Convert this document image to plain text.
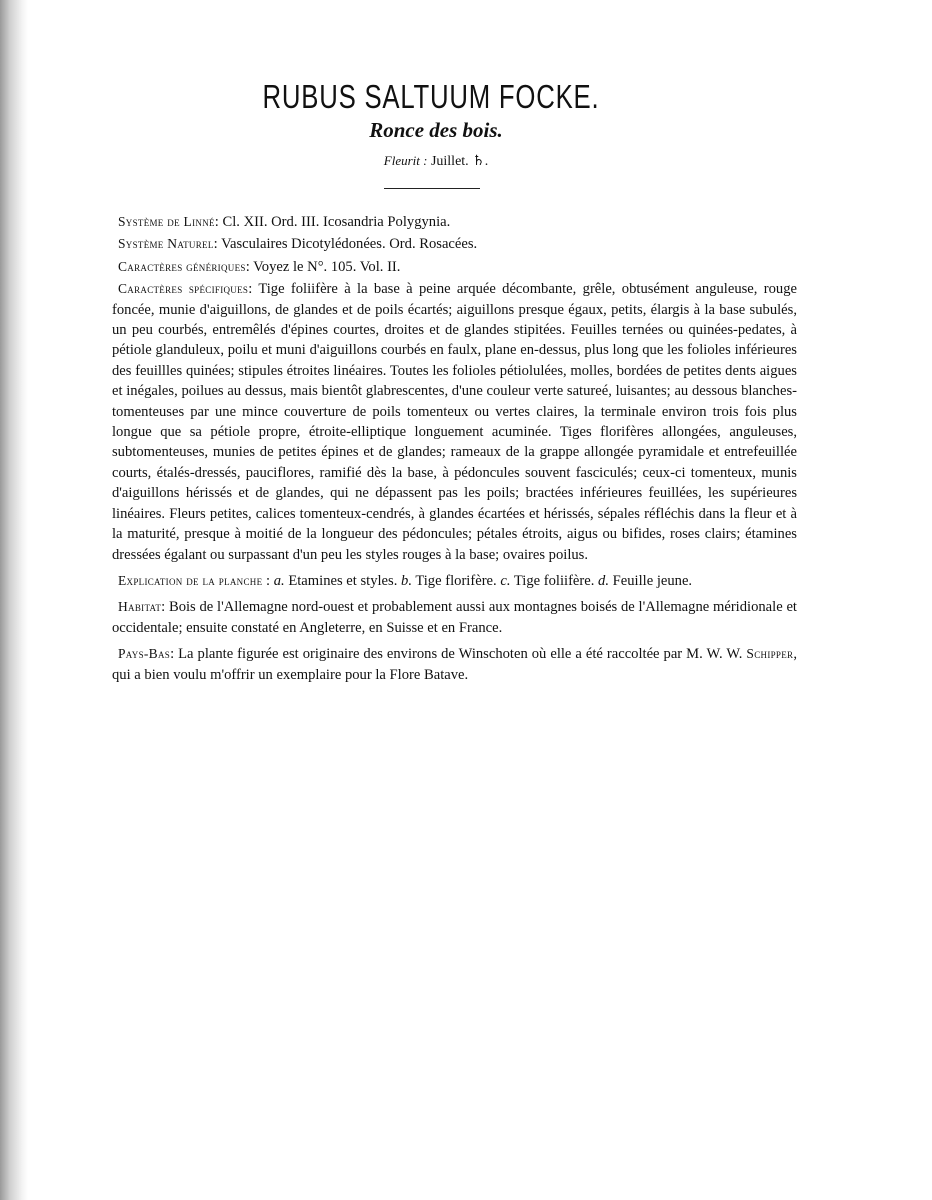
RUBUS SALTUUM FOCKE.
Ronce des bois.
Fleurit : Juillet. ♄.

Système de Linné: Cl. XII. Ord. III. Icosandria Polygynia.

Système Naturel: Vasculaires Dicotylédonées. Ord. Rosacées.

Caractères génériques: Voyez le N°. 105. Vol. II.

Caractères spécifiques: Tige foliifère à la base à peine arquée décombante, grêle, obtusément anguleuse, rouge foncée, munie d'aiguillons, de glandes et de poils écartés; aiguillons presque égaux, petits, élargis à la base subulés, un peu courbés, entremêlés d'épines courtes, droites et de glandes stipitées. Feuilles ternées ou quinées-pedates, à pétiole glanduleux, poilu et muni d'aiguillons courbés en faulx, plane en-dessus, plus long que les folioles inférieures des feuillles quinées; stipules étroites linéaires. Toutes les folioles pétiolulées, molles, bordées de petites dents aigues et inégales, poilues au dessus, mais bientôt glabrescentes, d'une couleur verte satureé, luisantes; au dessous blanches-tomenteuses par une mince couverture de poils tomenteux ou vertes claires, la terminale environ trois fois plus longue que sa pétiole propre, étroite-elliptique longuement acuminée. Tiges florifères allongées, anguleuses, subtomenteuses, munies de petites épines et de glandes; rameaux de la grappe allongée pyramidale et entrefeuillée courts, étalés-dressés, pauciflores, ramifié dès la base, à pédoncules souvent fasciculés; ceux-ci tomenteux, munis d'aiguillons hérissés et de glandes, qui ne dépassent pas les poils; bractées inférieures feuillées, les supérieures linéaires. Fleurs petites, calices tomenteux-cendrés, à glandes écartées et hérissés, sépales réfléchis dans la fleur et à la maturité, presque à moitié de la longueur des pédoncules; pétales étroits, aigus ou bifides, roses clairs; étamines dressées égalant ou surpassant d'un peu les styles rouges à la base; ovaires poilus.

Explication de la planche : a. Etamines et styles. b. Tige florifère. c. Tige foliifère. d. Feuille jeune.

Habitat: Bois de l'Allemagne nord-ouest et probablement aussi aux montagnes boisés de l'Allemagne méridionale et occidentale; ensuite constaté en Angleterre, en Suisse et en France.

Pays-Bas: La plante figurée est originaire des environs de Winschoten où elle a été raccoltée par M. W. W. Schipper, qui a bien voulu m'offrir un exemplaire pour la Flore Batave.
